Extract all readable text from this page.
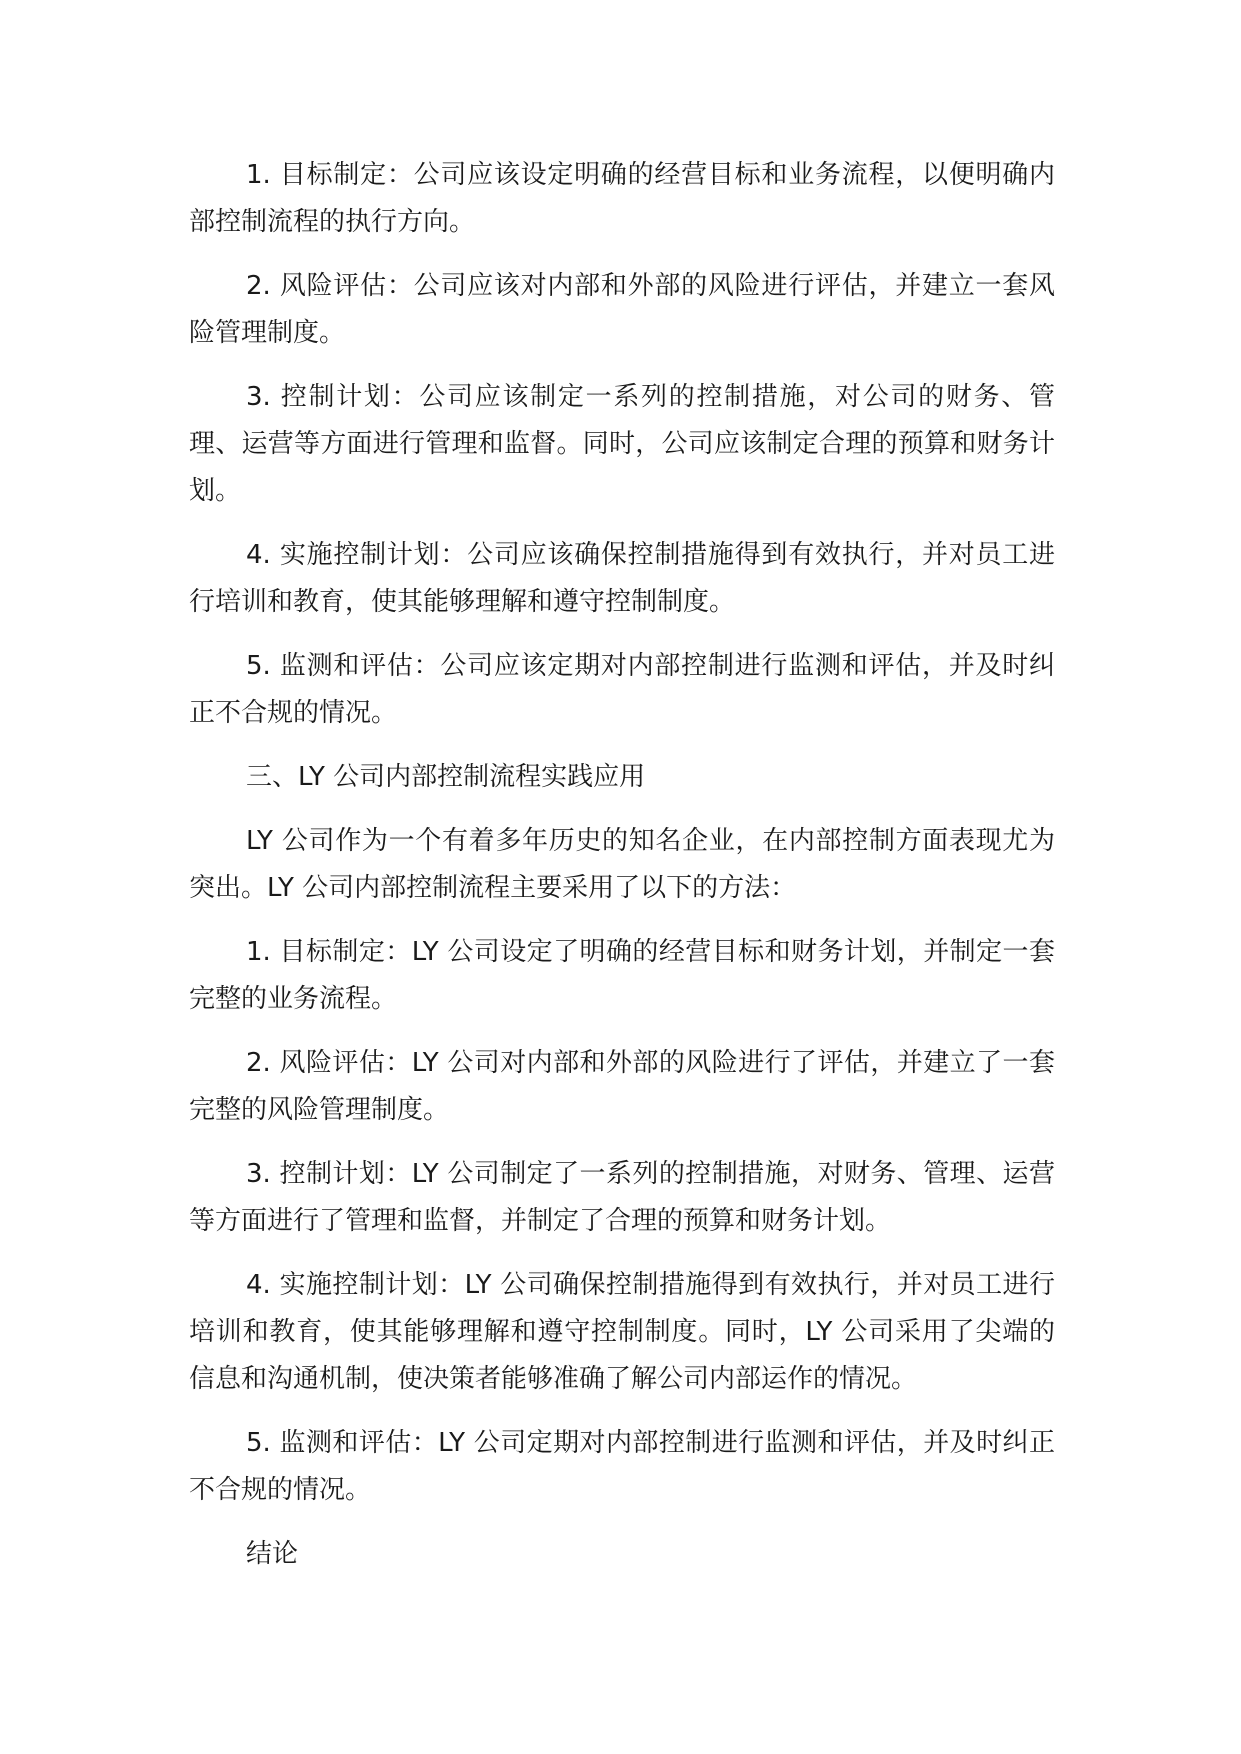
1. 目标制定：公司应该设定明确的经营目标和业务流程，以便明确内部控制流程的执行方向。

2. 风险评估：公司应该对内部和外部的风险进行评估，并建立一套风险管理制度。

3. 控制计划：公司应该制定一系列的控制措施，对公司的财务、管理、运营等方面进行管理和监督。同时，公司应该制定合理的预算和财务计划。

4. 实施控制计划：公司应该确保控制措施得到有效执行，并对员工进行培训和教育，使其能够理解和遵守控制制度。

5. 监测和评估：公司应该定期对内部控制进行监测和评估，并及时纠正不合规的情况。

三、LY 公司内部控制流程实践应用

LY 公司作为一个有着多年历史的知名企业，在内部控制方面表现尤为突出。LY 公司内部控制流程主要采用了以下的方法：

1. 目标制定：LY 公司设定了明确的经营目标和财务计划，并制定一套完整的业务流程。

2. 风险评估：LY 公司对内部和外部的风险进行了评估，并建立了一套完整的风险管理制度。

3. 控制计划：LY 公司制定了一系列的控制措施，对财务、管理、运营等方面进行了管理和监督，并制定了合理的预算和财务计划。

4. 实施控制计划：LY 公司确保控制措施得到有效执行，并对员工进行培训和教育，使其能够理解和遵守控制制度。同时，LY 公司采用了尖端的信息和沟通机制，使决策者能够准确了解公司内部运作的情况。

5. 监测和评估：LY 公司定期对内部控制进行监测和评估，并及时纠正不合规的情况。

结论
